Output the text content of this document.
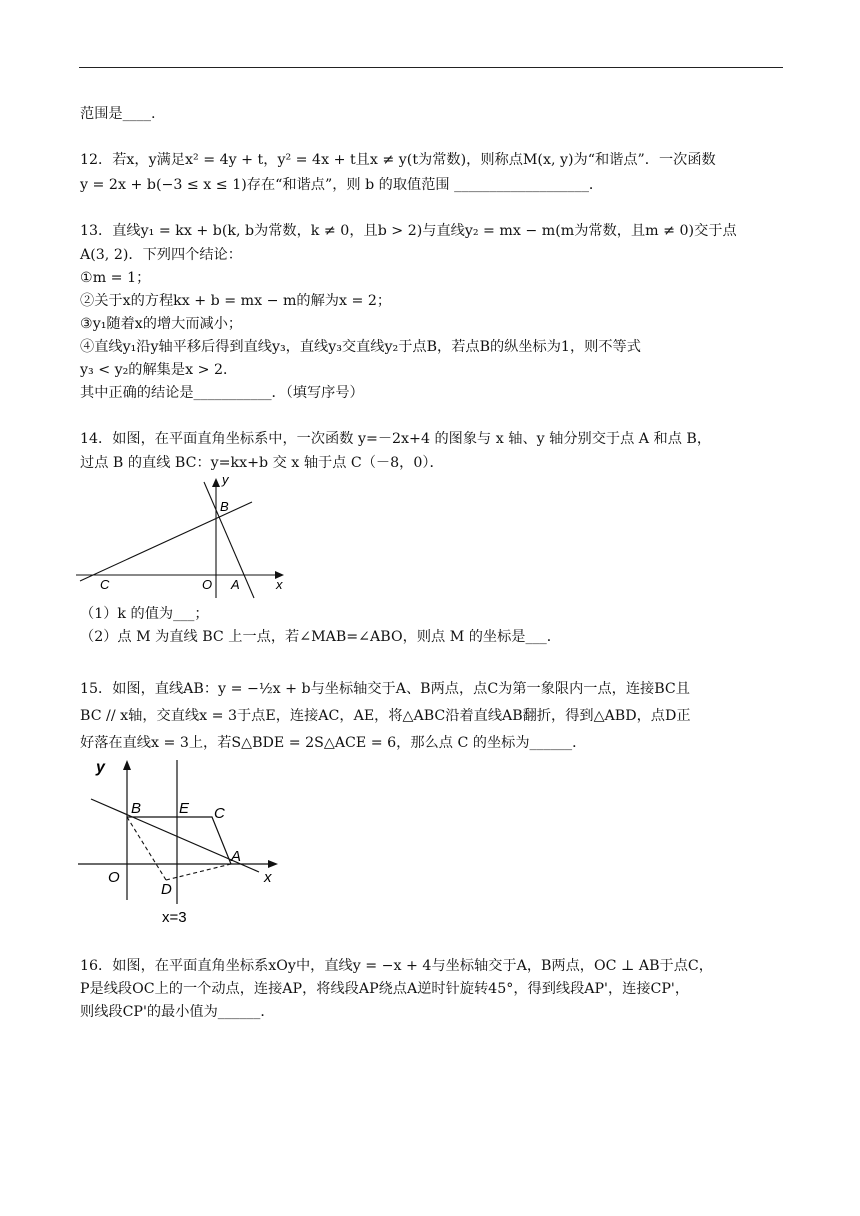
范围是____.
12．若x，y满足x² = 4y + t，y² = 4x + t且x ≠ y(t为常数)，则称点M(x, y)为“和谐点”．一次函数
y = 2x + b(−3 ≤ x ≤ 1)存在“和谐点”，则 b 的取值范围 ___________________．
13．直线y₁ = kx + b(k, b为常数，k ≠ 0，且b > 2)与直线y₂ = mx − m(m为常数，且m ≠ 0)交于点
A(3, 2)．下列四个结论：
①m = 1；
②关于x的方程kx + b = mx − m的解为x = 2；
③y₁随着x的增大而减小；
④直线y₁沿y轴平移后得到直线y₃，直线y₃交直线y₂于点B，若点B的纵坐标为1，则不等式
y₃ < y₂的解集是x > 2．
其中正确的结论是___________．（填写序号）
14．如图，在平面直角坐标系中，一次函数 y=－2x+4 的图象与 x 轴、y 轴分别交于点 A 和点 B，
过点 B 的直线 BC：y=kx+b 交 x 轴于点 C（－8，0）．
y
B
C	O A	x
（1）k 的值为___；
（2）点 M 为直线 BC 上一点，若∠MAB=∠ABO，则点 M 的坐标是___．
15．如图，直线AB：y = −½x + b与坐标轴交于A、B两点，点C为第一象限内一点，连接BC且
BC // x轴，交直线x = 3于点E，连接AC，AE，将△ABC沿着直线AB翻折，得到△ABD，点D正
好落在直线x = 3上，若S△BDE = 2S△ACE = 6，那么点 C 的坐标为______．
y
B	E C
A
O
D
x
x=3
16．如图，在平面直角坐标系xOy中，直线y = −x + 4与坐标轴交于A，B两点，OC ⊥ AB于点C，
P是线段OC上的一个动点，连接AP，将线段AP绕点A逆时针旋转45°，得到线段AP'，连接CP'，
则线段CP'的最小值为______．
